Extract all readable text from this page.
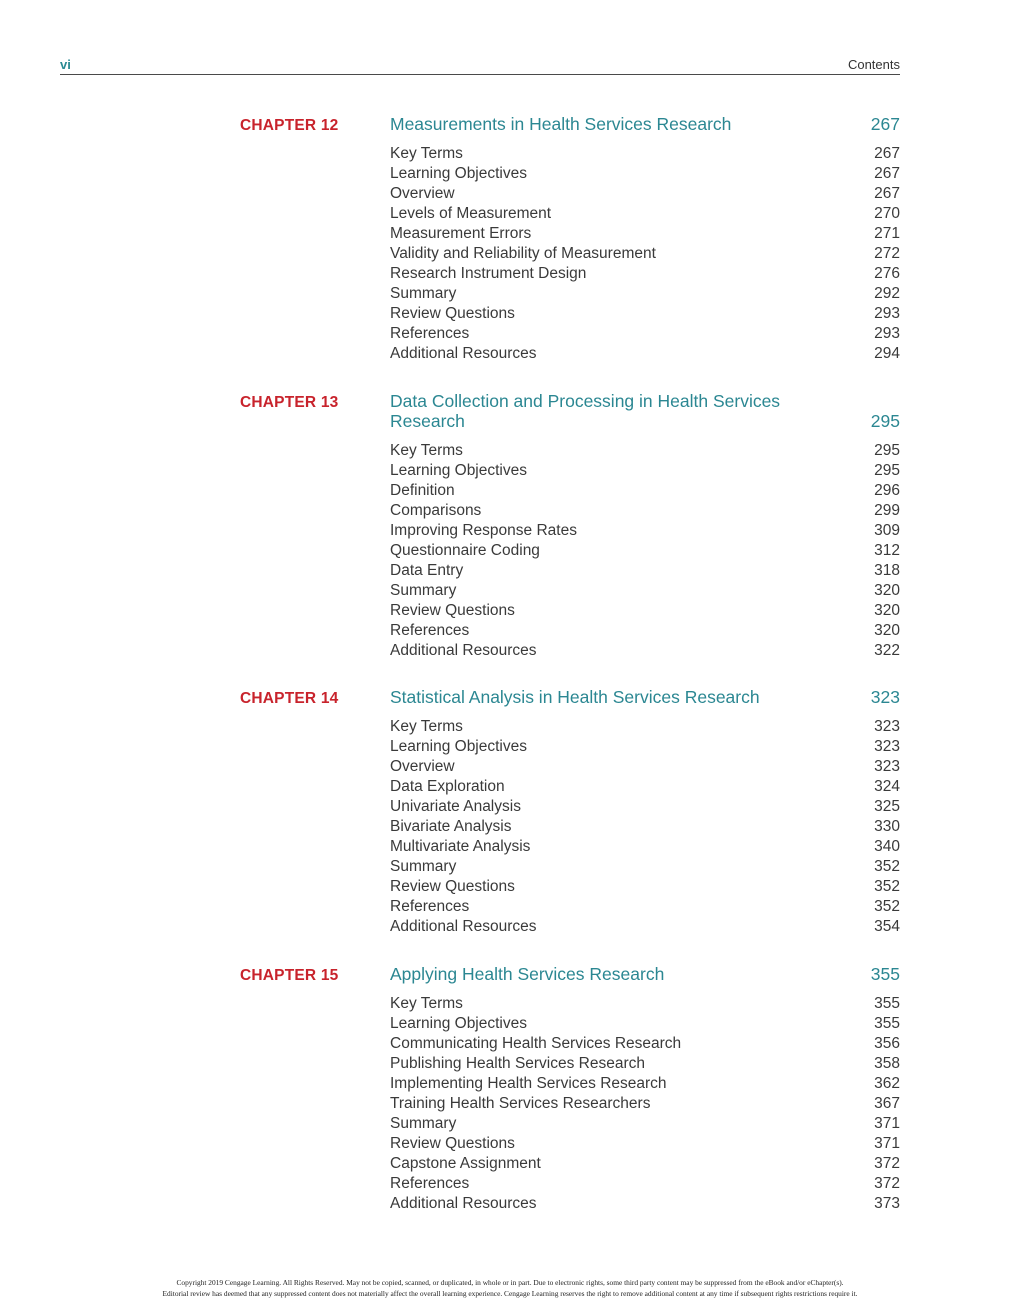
vi	Contents
CHAPTER 12	Measurements in Health Services Research	267
Key Terms	267
Learning Objectives	267
Overview	267
Levels of Measurement	270
Measurement Errors	271
Validity and Reliability of Measurement	272
Research Instrument Design	276
Summary	292
Review Questions	293
References	293
Additional Resources	294
CHAPTER 13	Data Collection and Processing in Health Services Research	295
Key Terms	295
Learning Objectives	295
Definition	296
Comparisons	299
Improving Response Rates	309
Questionnaire Coding	312
Data Entry	318
Summary	320
Review Questions	320
References	320
Additional Resources	322
CHAPTER 14	Statistical Analysis in Health Services Research	323
Key Terms	323
Learning Objectives	323
Overview	323
Data Exploration	324
Univariate Analysis	325
Bivariate Analysis	330
Multivariate Analysis	340
Summary	352
Review Questions	352
References	352
Additional Resources	354
CHAPTER 15	Applying Health Services Research	355
Key Terms	355
Learning Objectives	355
Communicating Health Services Research	356
Publishing Health Services Research	358
Implementing Health Services Research	362
Training Health Services Researchers	367
Summary	371
Review Questions	371
Capstone Assignment	372
References	372
Additional Resources	373
Copyright 2019 Cengage Learning. All Rights Reserved. May not be copied, scanned, or duplicated, in whole or in part. Due to electronic rights, some third party content may be suppressed from the eBook and/or eChapter(s).
Editorial review has deemed that any suppressed content does not materially affect the overall learning experience. Cengage Learning reserves the right to remove additional content at any time if subsequent rights restrictions require it.
